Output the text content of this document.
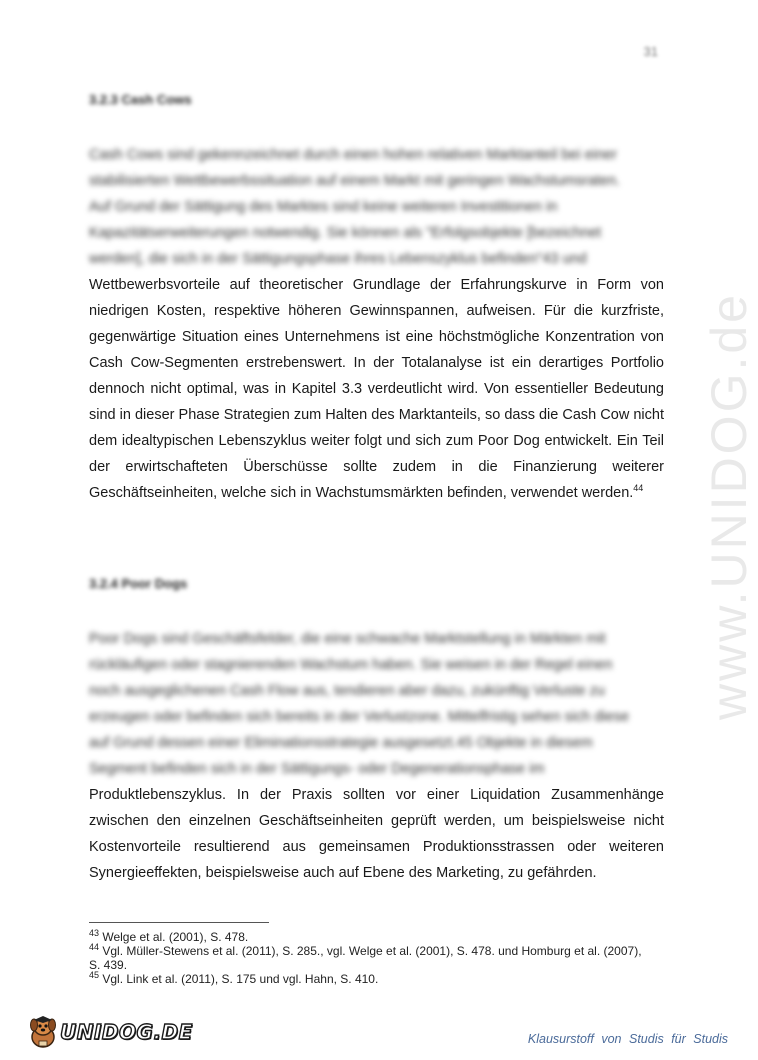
31
3.2.3 Cash Cows
Cash Cows sind gekennzeichnet durch einen hohen relativen Marktanteil bei einer
stabilisierten Wettbewerbssituation auf einem Markt mit geringen Wachstumsraten.
Auf Grund der Sättigung des Marktes sind keine weiteren Investitionen in
Kapazitätserweiterungen notwendig. Sie können als "Erfolgsobjekte [bezeichnet
werden], die sich in der Sättigungsphase ihres Lebenszyklus befinden"43 und
Wettbewerbsvorteile auf theoretischer Grundlage der Erfahrungskurve in Form von niedrigen Kosten, respektive höheren Gewinnspannen, aufweisen. Für die kurzfriste, gegenwärtige Situation eines Unternehmens ist eine höchstmögliche Konzentration von Cash Cow-Segmenten erstrebenswert. In der Totalanalyse ist ein derartiges Portfolio dennoch nicht optimal, was in Kapitel 3.3 verdeutlicht wird. Von essentieller Bedeutung sind in dieser Phase Strategien zum Halten des Marktanteils, so dass die Cash Cow nicht dem idealtypischen Lebenszyklus weiter folgt und sich zum Poor Dog entwickelt. Ein Teil der erwirtschafteten Überschüsse sollte zudem in die Finanzierung weiterer Geschäftseinheiten, welche sich in Wachstumsmärkten befinden, verwendet werden.$^{44}$
3.2.4 Poor Dogs
Poor Dogs sind Geschäftsfelder, die eine schwache Marktstellung in Märkten mit
rückläufigen oder stagnierenden Wachstum haben. Sie weisen in der Regel einen
noch ausgeglichenen Cash Flow aus, tendieren aber dazu, zukünftig Verluste zu
erzeugen oder befinden sich bereits in der Verlustzone. Mittelfristig sehen sich diese
auf Grund dessen einer Eliminationsstrategie ausgesetzt.45 Objekte in diesem
Segment befinden sich in der Sättigungs- oder Degenerationsphase im
Produktlebenszyklus. In der Praxis sollten vor einer Liquidation Zusammenhänge zwischen den einzelnen Geschäftseinheiten geprüft werden, um beispielsweise nicht Kostenvorteile resultierend aus gemeinsamen Produktionsstrassen oder weiteren Synergieeffekten, beispielsweise auch auf Ebene des Marketing, zu gefährden.
www.UNIDOG.de
$^{43}$ Welge et al. (2001), S. 478.
$^{44}$ Vgl. Müller-Stewens et al. (2011), S. 285., vgl. Welge et al. (2001), S. 478. und Homburg et al. (2007), S. 439.
$^{45}$ Vgl. Link et al. (2011), S. 175 und vgl. Hahn, S. 410.
UNIDOG.DE	Klausurstoff von Studis für Studis
